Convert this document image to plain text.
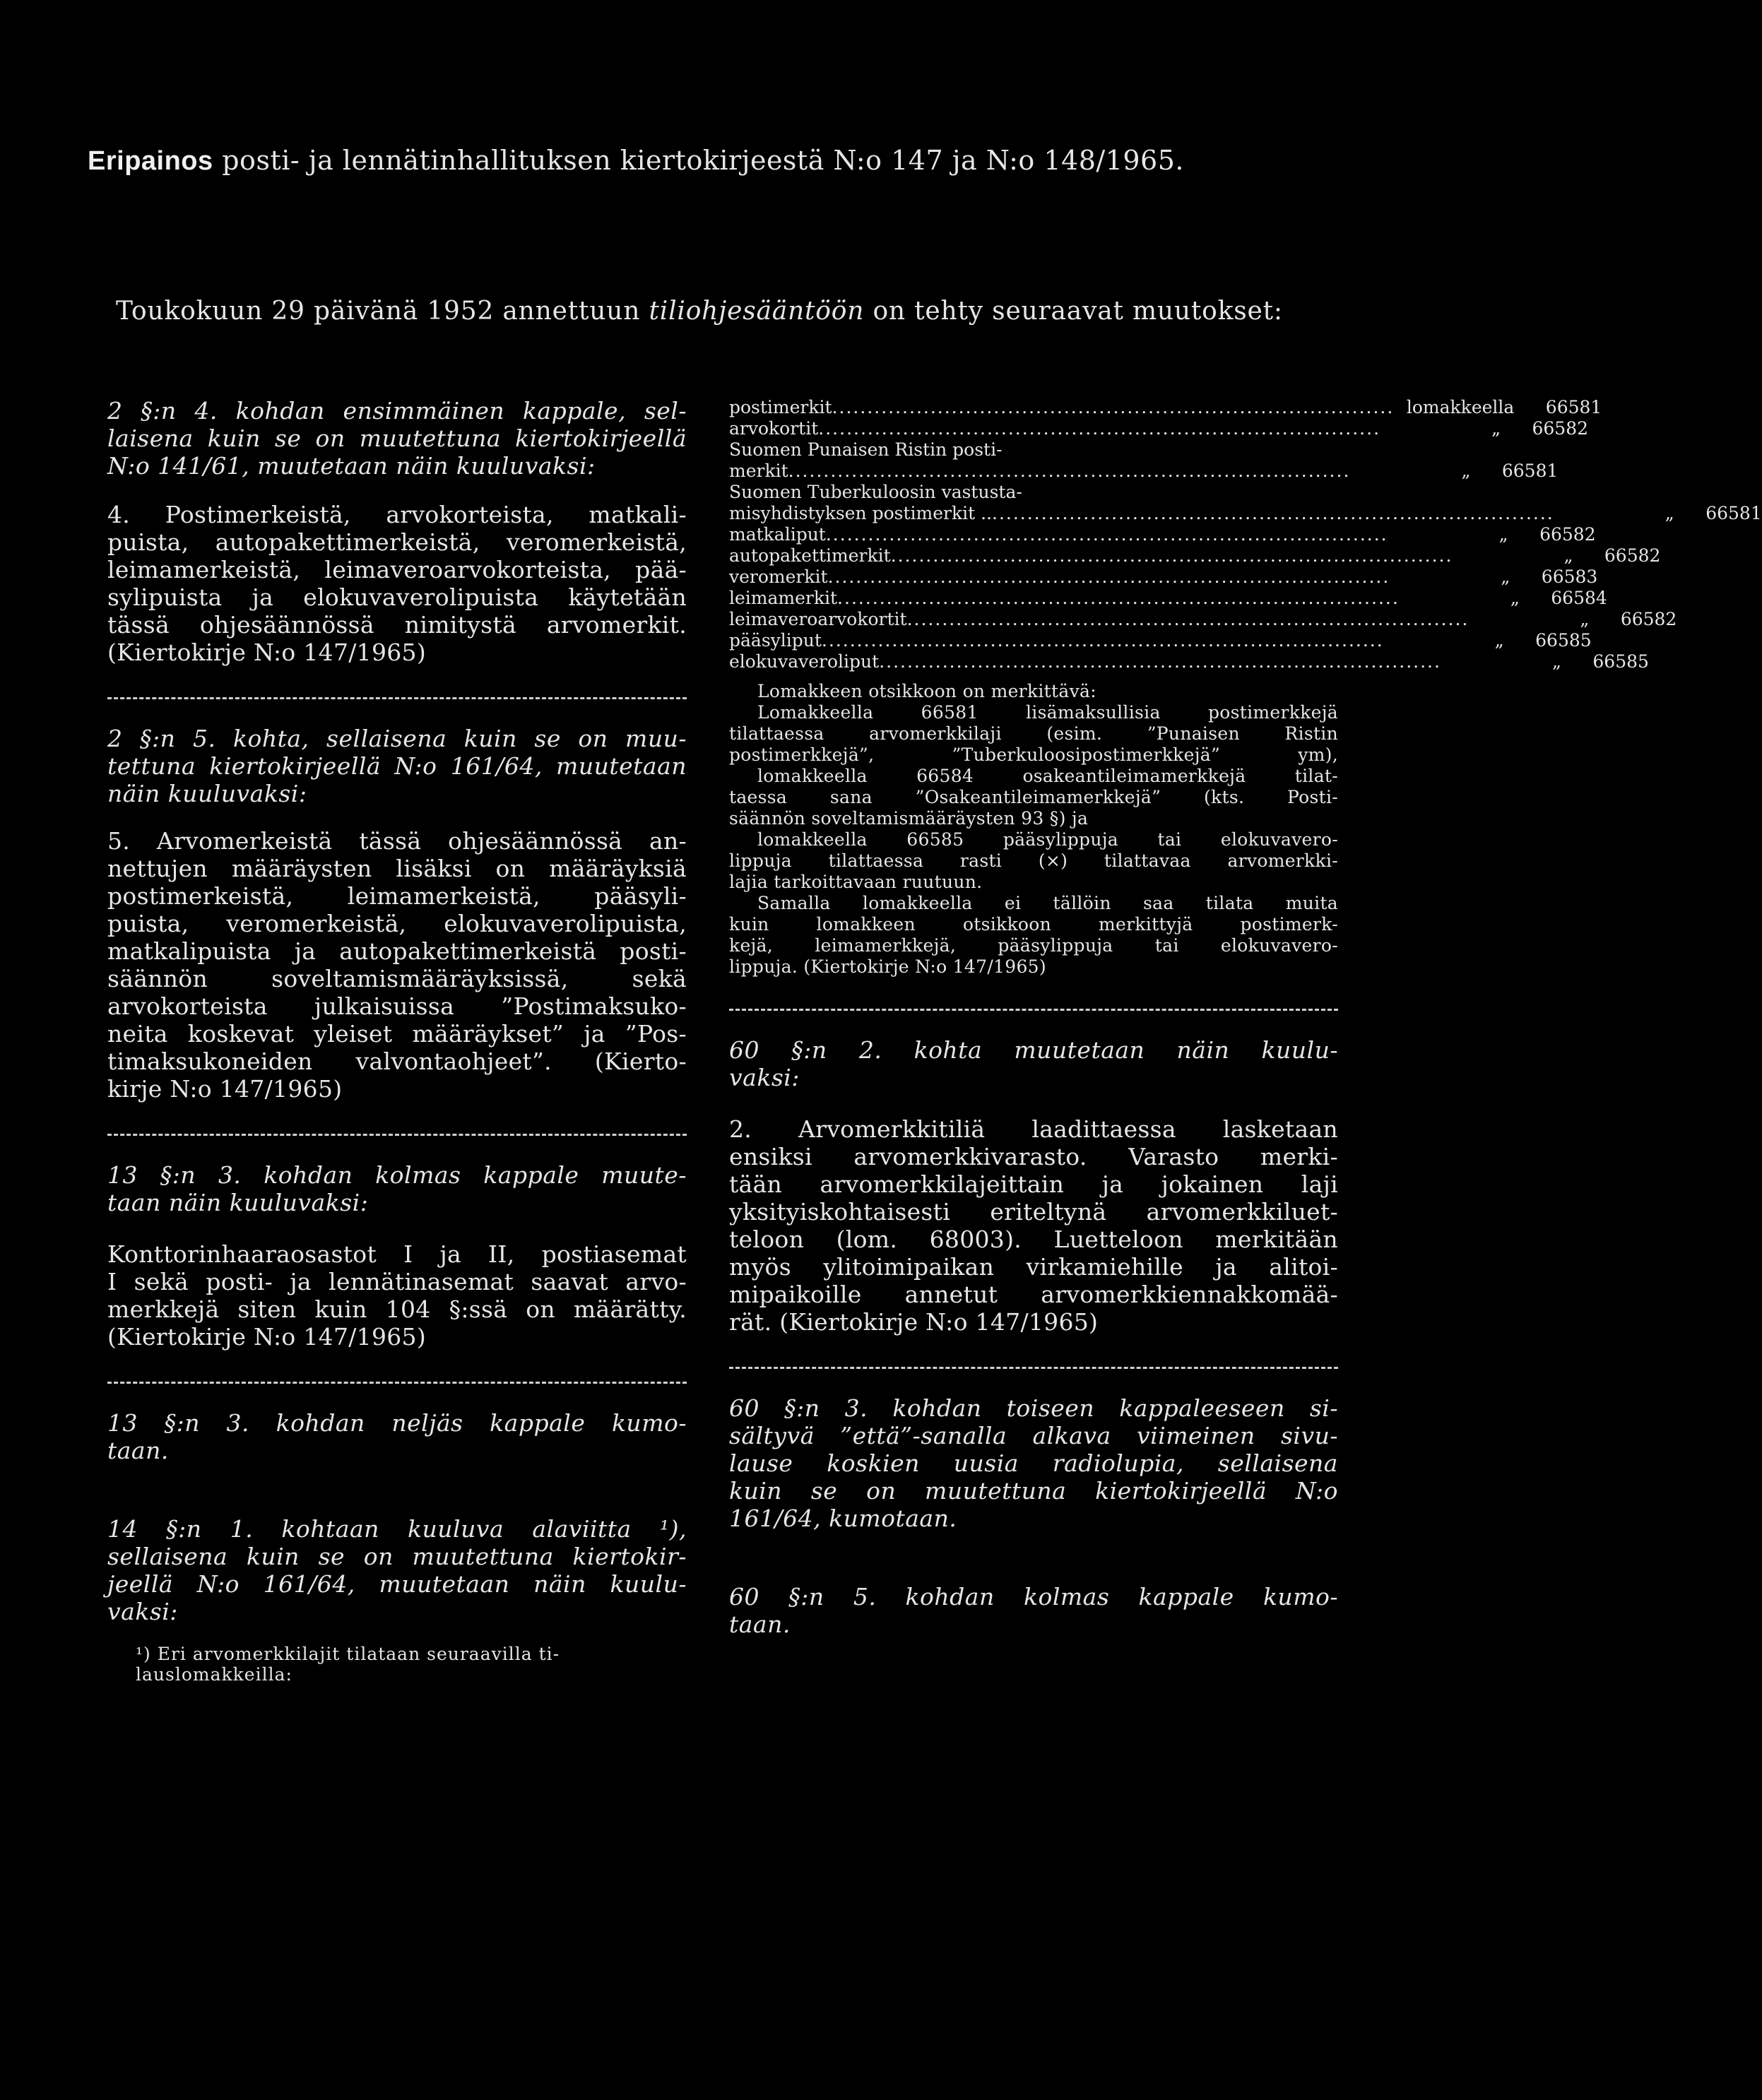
Eripainos posti- ja lennätinhallituksen kiertokirjeestä N:o 147 ja N:o 148/1965.
Toukokuun 29 päivänä 1952 annettuun tiliohjesääntöön on tehty seuraavat muutokset:
2 §:n 4. kohdan ensimmäinen kappale, sel-
laisena kuin se on muutettuna kiertokirjeellä
N:o 141/61, muutetaan näin kuuluvaksi:
4. Postimerkeistä, arvokorteista, matkali-
puista, autopakettimerkeistä, veromerkeistä,
leimamerkeistä, leimaveroarvokorteista, pää-
sylipuista ja elokuvaverolipuista käytetään
tässä ohjesäännössä nimitystä arvomerkit.
(Kiertokirje N:o 147/1965)
2 §:n 5. kohta, sellaisena kuin se on muu-
tettuna kiertokirjeellä N:o 161/64, muutetaan
näin kuuluvaksi:
5. Arvomerkeistä tässä ohjesäännössä an-
nettujen määräysten lisäksi on määräyksiä
postimerkeistä, leimamerkeistä, pääsyli-
puista, veromerkeistä, elokuvaverolipuista,
matkalipuista ja autopakettimerkeistä posti-
säännön soveltamismääräyksissä, sekä
arvokorteista julkaisuissa ”Postimaksuko-
neita koskevat yleiset määräykset” ja ”Pos-
timaksukoneiden valvontaohjeet”. (Kierto-
kirje N:o 147/1965)
13 §:n 3. kohdan kolmas kappale muute-
taan näin kuuluvaksi:
Konttorinhaaraosastot I ja II, postiasemat
I sekä posti- ja lennätinasemat saavat arvo-
merkkejä siten kuin 104 §:ssä on määrätty.
(Kiertokirje N:o 147/1965)
13 §:n 3. kohdan neljäs kappale kumo-
taan.
14 §:n 1. kohtaan kuuluva alaviitta ¹),
sellaisena kuin se on muutettuna kiertokir-
jeellä N:o 161/64, muutetaan näin kuulu-
vaksi:
¹) Eri arvomerkkilajit tilataan seuraavilla ti-
lauslomakkeilla:
postimerkit ................................................................................ lomakkeella	66581
arvokortit ................................................................................	„	66582
Suomen Punaisen Ristin posti-
merkit ................................................................................	„	66581
Suomen Tuberkuloosin vastusta-
misyhdistyksen postimerkit .. ................................................................................	„	66581
matkaliput ................................................................................	„	66582
autopakettimerkit ................................................................................	„	66582
veromerkit ................................................................................	„	66583
leimamerkit ................................................................................	„	66584
leimaveroarvokortit ................................................................................	„	66582
pääsyliput ................................................................................	„	66585
elokuvaveroliput ................................................................................	„	66585
Lomakkeen otsikkoon on merkittävä:
Lomakkeella 66581 lisämaksullisia postimerkkejä
tilattaessa arvomerkkilaji (esim. ”Punaisen Ristin
postimerkkejä”, ”Tuberkuloosipostimerkkejä” ym),
lomakkeella 66584 osakeantileimamerkkejä tilat-
taessa sana ”Osakeantileimamerkkejä” (kts. Posti-
säännön soveltamismääräysten 93 §) ja
lomakkeella 66585 pääsylippuja tai elokuvavero-
lippuja tilattaessa rasti (×) tilattavaa arvomerkki-
lajia tarkoittavaan ruutuun.
Samalla lomakkeella ei tällöin saa tilata muita
kuin lomakkeen otsikkoon merkittyjä postimerk-
kejä, leimamerkkejä, pääsylippuja tai elokuvavero-
lippuja. (Kiertokirje N:o 147/1965)
60 §:n 2. kohta muutetaan näin kuulu-
vaksi:
2. Arvomerkkitiliä laadittaessa lasketaan
ensiksi arvomerkkivarasto. Varasto merki-
tään arvomerkkilajeittain ja jokainen laji
yksityiskohtaisesti eriteltynä arvomerkkiluet-
teloon (lom. 68003). Luetteloon merkitään
myös ylitoimipaikan virkamiehille ja alitoi-
mipaikoille annetut arvomerkkiennakkomää-
rät. (Kiertokirje N:o 147/1965)
60 §:n 3. kohdan toiseen kappaleeseen si-
sältyvä ”että”-sanalla alkava viimeinen sivu-
lause koskien uusia radiolupia, sellaisena
kuin se on muutettuna kiertokirjeellä N:o
161/64, kumotaan.
60 §:n 5. kohdan kolmas kappale kumo-
taan.
